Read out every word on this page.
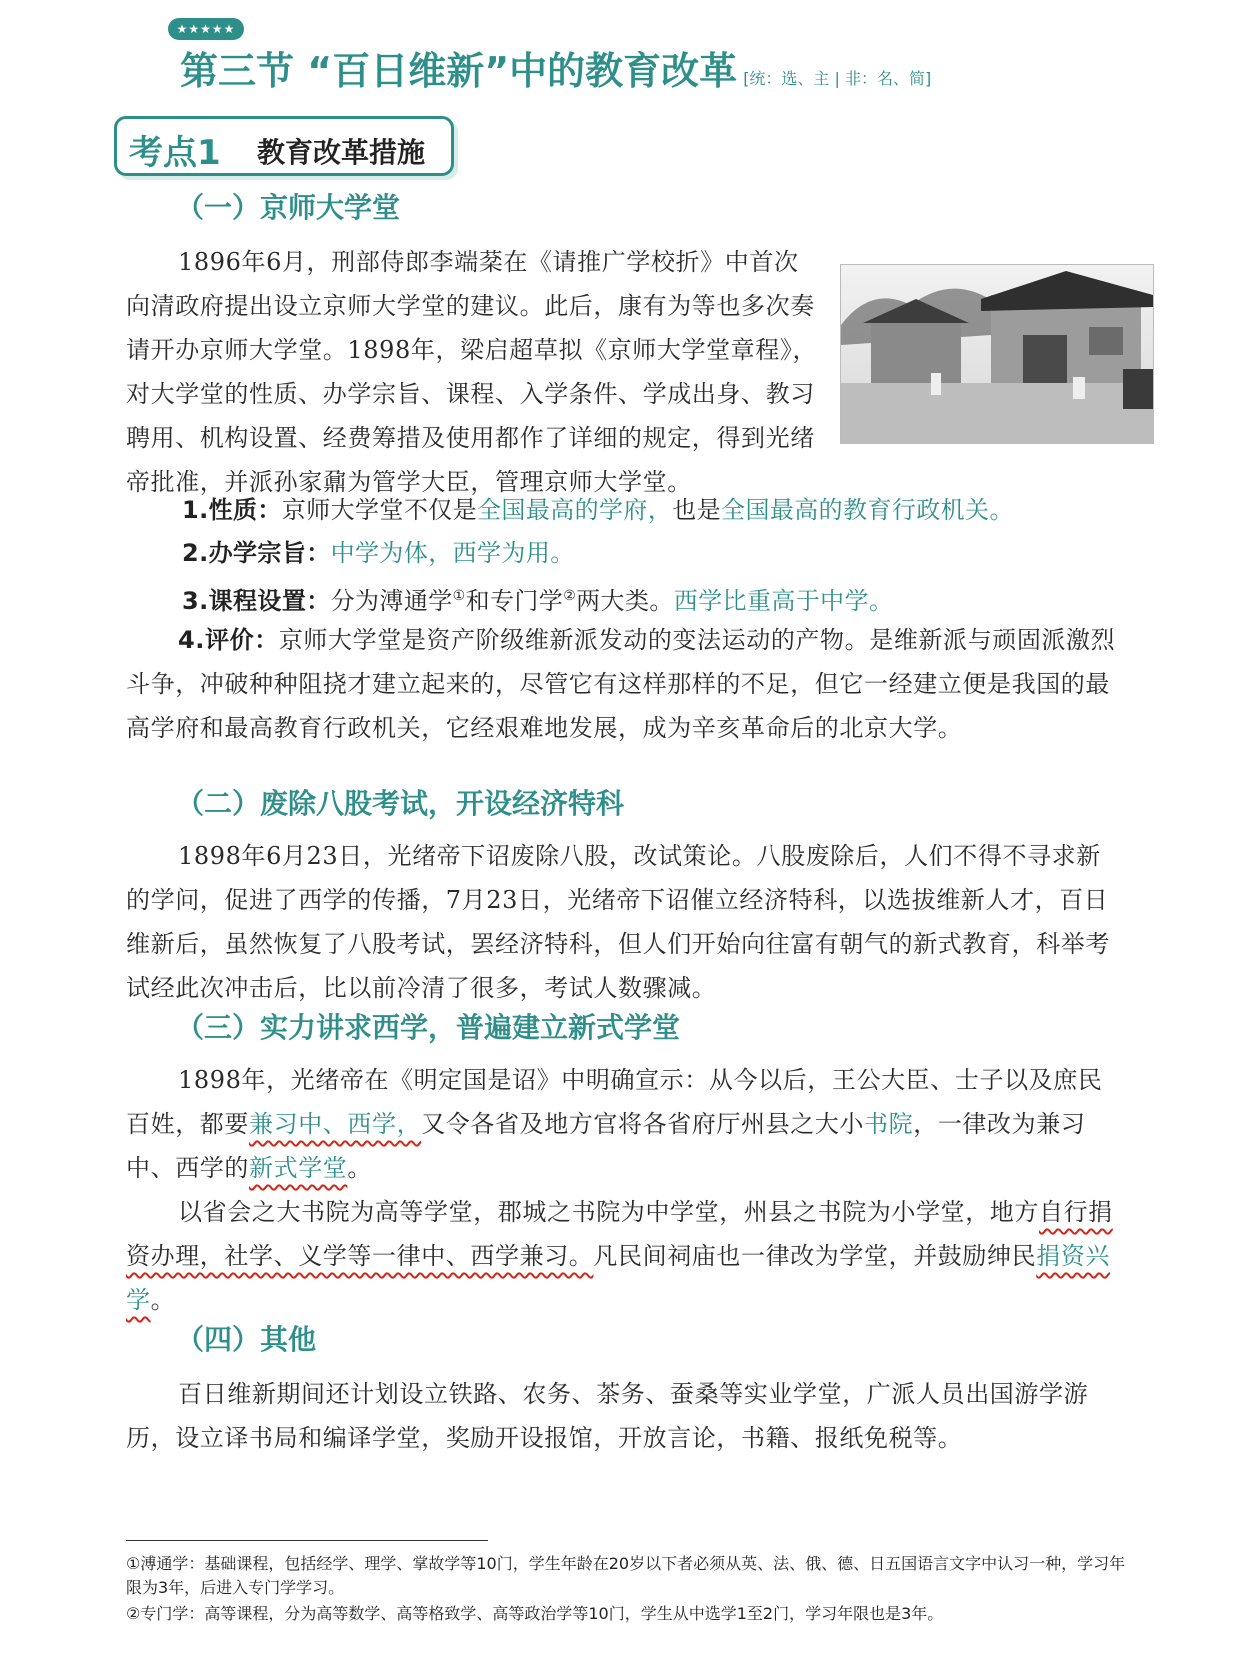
★★★★★
第三节 “百日维新”中的教育改革 [统：选、主 | 非：名、简]
考点1 教育改革措施
（一）京师大学堂

1896年6月，刑部侍郎李端棻在《请推广学校折》中首次向清政府提出设立京师大学堂的建议。此后，康有为等也多次奏请开办京师大学堂。1898年，梁启超草拟《京师大学堂章程》，对大学堂的性质、办学宗旨、课程、入学条件、学成出身、教习聘用、机构设置、经费筹措及使用都作了详细的规定，得到光绪帝批准，并派孙家鼐为管学大臣，管理京师大学堂。

1.性质：京师大学堂不仅是全国最高的学府，也是全国最高的教育行政机关。
2.办学宗旨：中学为体，西学为用。
3.课程设置：分为溥通学①和专门学②两大类。西学比重高于中学。

4.评价：京师大学堂是资产阶级维新派发动的变法运动的产物。是维新派与顽固派激烈斗争，冲破种种阻挠才建立起来的，尽管它有这样那样的不足，但它一经建立便是我国的最高学府和最高教育行政机关，它经艰难地发展，成为辛亥革命后的北京大学。

（二）废除八股考试，开设经济特科

1898年6月23日，光绪帝下诏废除八股，改试策论。八股废除后，人们不得不寻求新的学问，促进了西学的传播，7月23日，光绪帝下诏催立经济特科，以选拔维新人才，百日维新后，虽然恢复了八股考试，罢经济特科，但人们开始向往富有朝气的新式教育，科举考试经此次冲击后，比以前冷清了很多，考试人数骤减。

（三）实力讲求西学，普遍建立新式学堂

1898年，光绪帝在《明定国是诏》中明确宣示：从今以后，王公大臣、士子以及庶民百姓，都要兼习中、西学，又令各省及地方官将各省府厅州县之大小书院，一律改为兼习中、西学的新式学堂。

以省会之大书院为高等学堂，郡城之书院为中学堂，州县之书院为小学堂，地方自行捐资办理，社学、义学等一律中、西学兼习。凡民间祠庙也一律改为学堂，并鼓励绅民捐资兴学。

（四）其他

百日维新期间还计划设立铁路、农务、茶务、蚕桑等实业学堂，广派人员出国游学游历，设立译书局和编译学堂，奖励开设报馆，开放言论，书籍、报纸免税等。

①溥通学：基础课程，包括经学、理学、掌故学等10门，学生年龄在20岁以下者必须从英、法、俄、德、日五国语言文字中认习一种，学习年限为3年，后进入专门学学习。

②专门学：高等课程，分为高等数学、高等格致学、高等政治学等10门，学生从中选学1至2门，学习年限也是3年。
